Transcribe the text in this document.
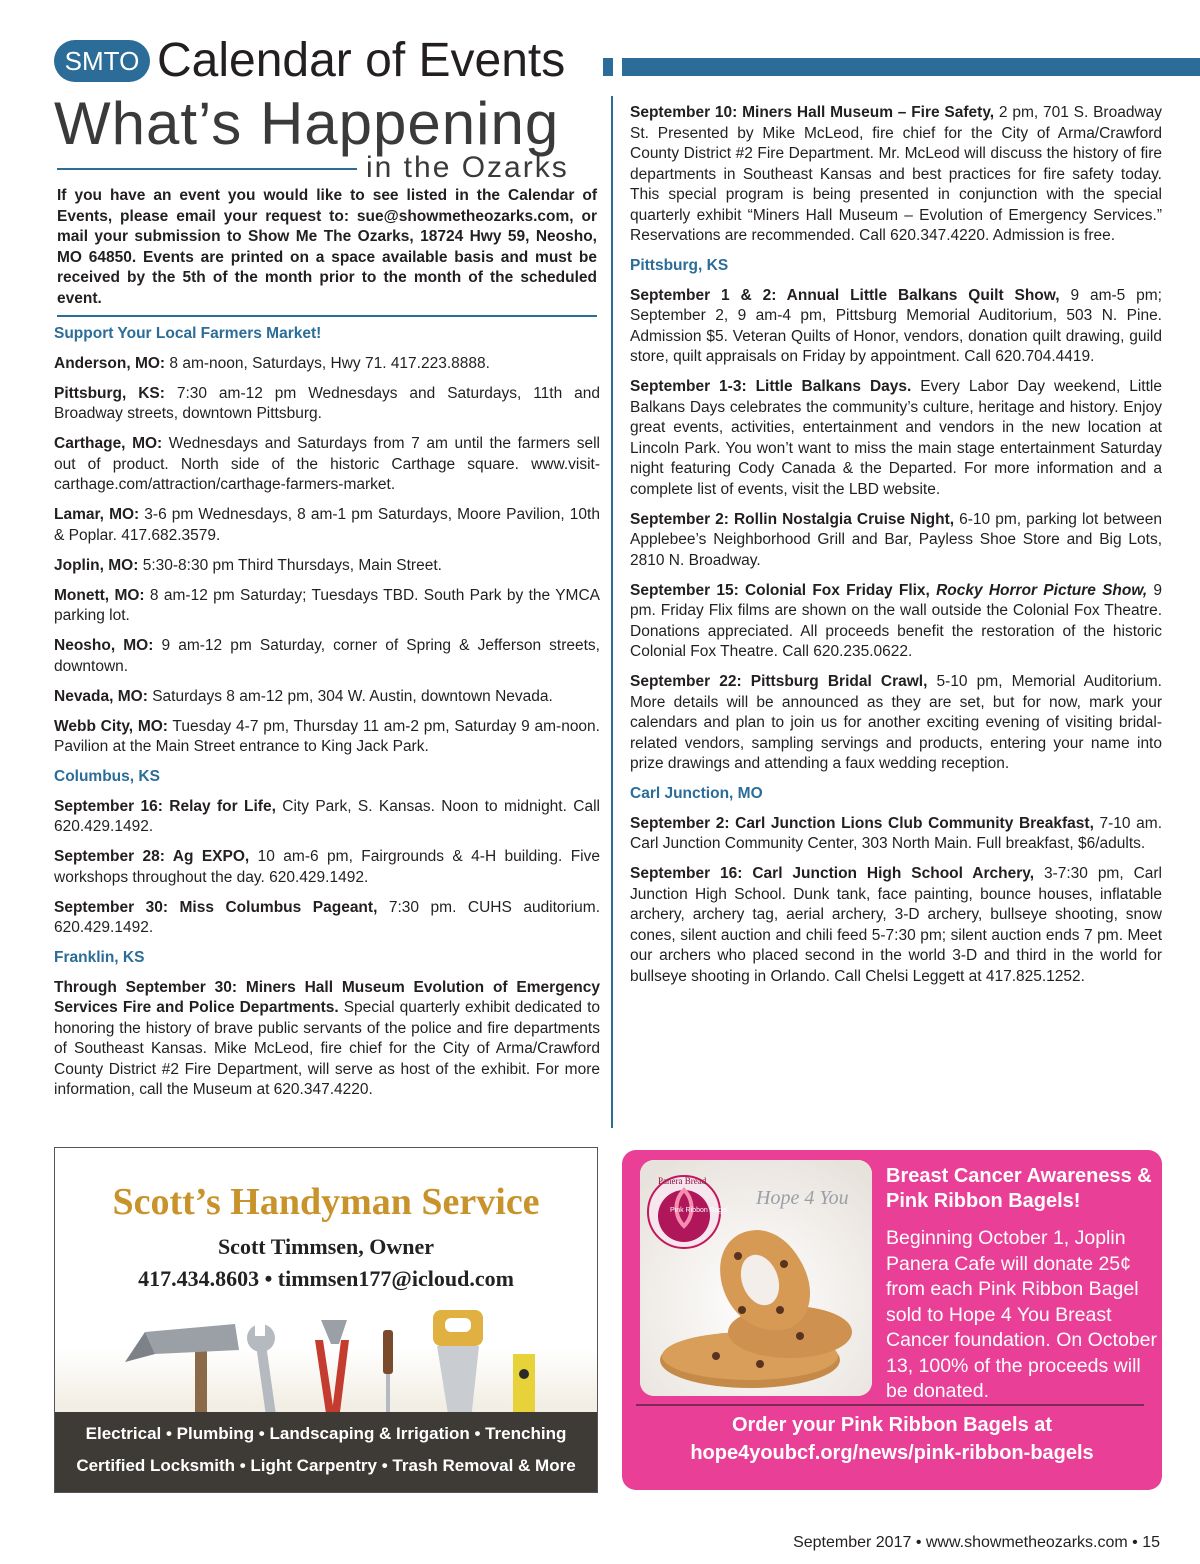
SMTO Calendar of Events
What’s Happening
in the Ozarks
If you have an event you would like to see listed in the Calendar of Events, please email your request to: sue@showmetheozarks.com, or mail your submission to Show Me The Ozarks, 18724 Hwy 59, Neosho, MO 64850. Events are printed on a space available basis and must be received by the 5th of the month prior to the month of the scheduled event.
Support Your Local Farmers Market!
Anderson, MO: 8 am-noon, Saturdays, Hwy 71. 417.223.8888.
Pittsburg, KS: 7:30 am-12 pm Wednesdays and Saturdays, 11th and Broadway streets, downtown Pittsburg.
Carthage, MO: Wednesdays and Saturdays from 7 am until the farmers sell out of product. North side of the historic Carthage square. www.visit-carthage.com/attraction/carthage-farmers-market.
Lamar, MO: 3-6 pm Wednesdays, 8 am-1 pm Saturdays, Moore Pavilion, 10th & Poplar. 417.682.3579.
Joplin, MO: 5:30-8:30 pm Third Thursdays, Main Street.
Monett, MO: 8 am-12 pm Saturday; Tuesdays TBD. South Park by the YMCA parking lot.
Neosho, MO: 9 am-12 pm Saturday, corner of Spring & Jefferson streets, downtown.
Nevada, MO: Saturdays 8 am-12 pm, 304 W. Austin, downtown Nevada.
Webb City, MO: Tuesday 4-7 pm, Thursday 11 am-2 pm, Saturday 9 am-noon. Pavilion at the Main Street entrance to King Jack Park.
Columbus, KS
September 16: Relay for Life, City Park, S. Kansas. Noon to midnight. Call 620.429.1492.
September 28: Ag EXPO, 10 am-6 pm, Fairgrounds & 4-H building. Five workshops throughout the day. 620.429.1492.
September 30: Miss Columbus Pageant, 7:30 pm. CUHS auditorium. 620.429.1492.
Franklin, KS
Through September 30: Miners Hall Museum Evolution of Emergency Services Fire and Police Departments. Special quarterly exhibit dedicated to honoring the history of brave public servants of the police and fire departments of Southeast Kansas. Mike McLeod, fire chief for the City of Arma/Crawford County District #2 Fire Department, will serve as host of the exhibit. For more information, call the Museum at 620.347.4220.
September 10: Miners Hall Museum – Fire Safety, 2 pm, 701 S. Broadway St. Presented by Mike McLeod, fire chief for the City of Arma/Crawford County District #2 Fire Department. Mr. McLeod will discuss the history of fire departments in Southeast Kansas and best practices for fire safety today. This special program is being presented in conjunction with the special quarterly exhibit “Miners Hall Museum – Evolution of Emergency Services.” Reservations are recommended. Call 620.347.4220. Admission is free.
Pittsburg, KS
September 1 & 2: Annual Little Balkans Quilt Show, 9 am-5 pm; September 2, 9 am-4 pm, Pittsburg Memorial Auditorium, 503 N. Pine. Admission $5. Veteran Quilts of Honor, vendors, donation quilt drawing, guild store, quilt appraisals on Friday by appointment. Call 620.704.4419.
September 1-3: Little Balkans Days. Every Labor Day weekend, Little Balkans Days celebrates the community’s culture, heritage and history. Enjoy great events, activities, entertainment and vendors in the new location at Lincoln Park. You won’t want to miss the main stage entertainment Saturday night featuring Cody Canada & the Departed. For more information and a complete list of events, visit the LBD website.
September 2: Rollin Nostalgia Cruise Night, 6-10 pm, parking lot between Applebee’s Neighborhood Grill and Bar, Payless Shoe Store and Big Lots, 2810 N. Broadway.
September 15: Colonial Fox Friday Flix, Rocky Horror Picture Show, 9 pm. Friday Flix films are shown on the wall outside the Colonial Fox Theatre. Donations appreciated. All proceeds benefit the restoration of the historic Colonial Fox Theatre. Call 620.235.0622.
September 22: Pittsburg Bridal Crawl, 5-10 pm, Memorial Auditorium. More details will be announced as they are set, but for now, mark your calendars and plan to join us for another exciting evening of visiting bridal-related vendors, sampling servings and products, entering your name into prize drawings and attending a faux wedding reception.
Carl Junction, MO
September 2: Carl Junction Lions Club Community Breakfast, 7-10 am. Carl Junction Community Center, 303 North Main. Full breakfast, $6/adults.
September 16: Carl Junction High School Archery, 3-7:30 pm, Carl Junction High School. Dunk tank, face painting, bounce houses, inflatable archery, archery tag, aerial archery, 3-D archery, bullseye shooting, snow cones, silent auction and chili feed 5-7:30 pm; silent auction ends 7 pm. Meet our archers who placed second in the world 3-D and third in the world for bullseye shooting in Orlando. Call Chelsi Leggett at 417.825.1252.
Scott’s Handyman Service
Scott Timmsen, Owner
417.434.8603 • timmsen177@icloud.com
Electrical • Plumbing • Landscaping & Irrigation • Trenching
Certified Locksmith • Light Carpentry • Trash Removal & More
Panera Bread
Pink Ribbon Bagel
Hope 4 You
Breast Cancer Awareness & Pink Ribbon Bagels!
Beginning October 1, Joplin Panera Cafe will donate 25¢ from each Pink Ribbon Bagel sold to Hope 4 You Breast Cancer foundation. On October 13, 100% of the proceeds will be donated.
Order your Pink Ribbon Bagels at
hope4youbcf.org/news/pink-ribbon-bagels
September 2017 • www.showmetheozarks.com • 15
